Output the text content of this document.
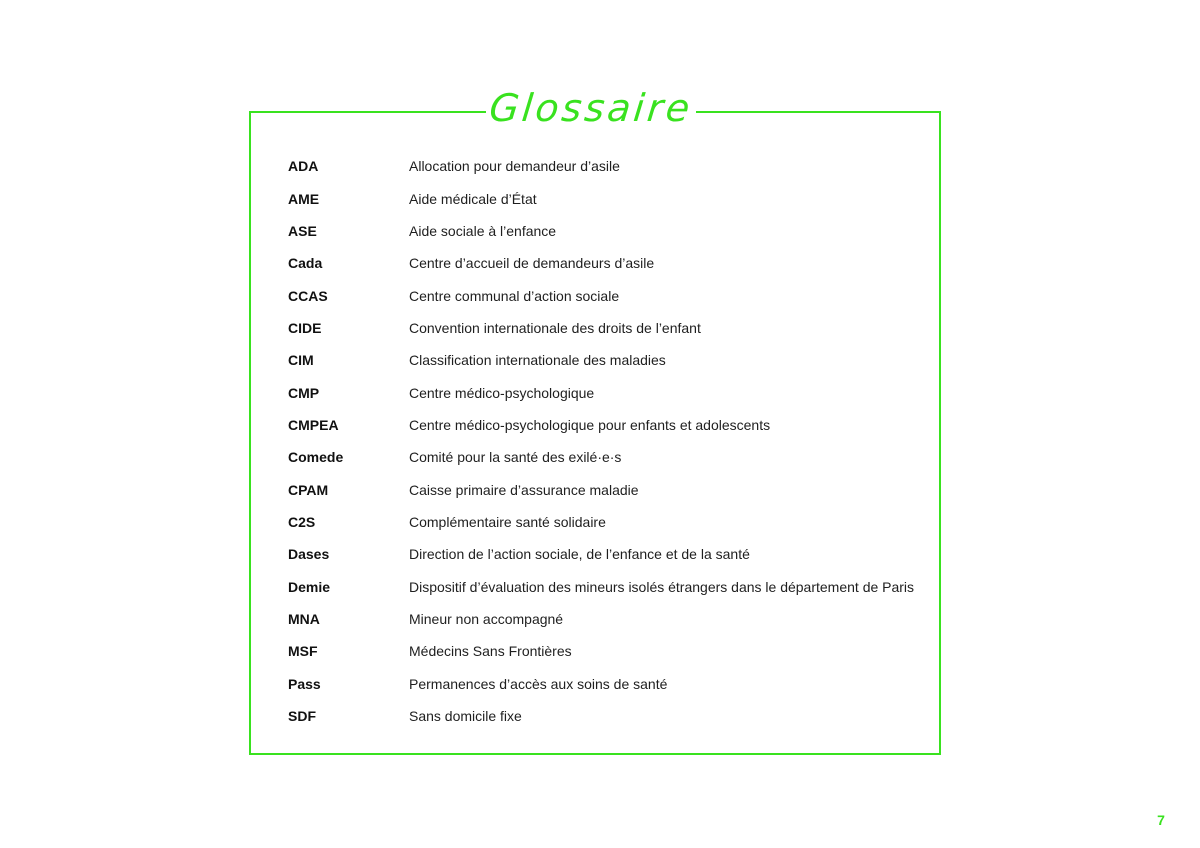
Glossaire
ADA	Allocation pour demandeur d’asile
AME	Aide médicale d’État
ASE	Aide sociale à l’enfance
Cada	Centre d’accueil de demandeurs d’asile
CCAS	Centre communal d’action sociale
CIDE	Convention internationale des droits de l’enfant
CIM	Classification internationale des maladies
CMP	Centre médico-psychologique
CMPEA	Centre médico-psychologique pour enfants et adolescents
Comede	Comité pour la santé des exilé·e·s
CPAM	Caisse primaire d’assurance maladie
C2S	Complémentaire santé solidaire
Dases	Direction de l’action sociale, de l’enfance et de la santé
Demie	Dispositif d’évaluation des mineurs isolés étrangers dans le département de Paris
MNA	Mineur non accompagné
MSF	Médecins Sans Frontières
Pass	Permanences d’accès aux soins de santé
SDF	Sans domicile fixe
7
